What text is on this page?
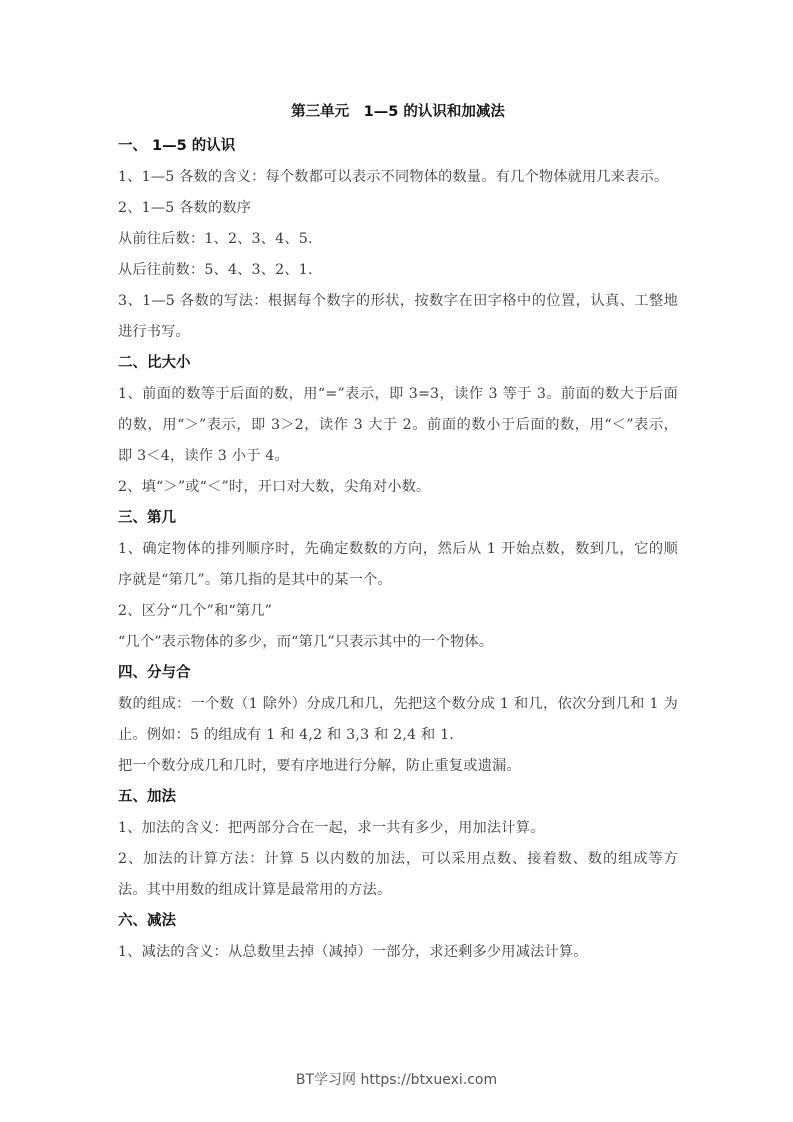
第三单元　1—5 的认识和加减法
一、 1—5 的认识
1、1—5 各数的含义：每个数都可以表示不同物体的数量。有几个物体就用几来表示。
2、1—5 各数的数序
从前往后数：1、2、3、4、5.
从后往前数：5、4、3、2、1.
3、1—5 各数的写法：根据每个数字的形状，按数字在田字格中的位置，认真、工整地进行书写。
二、比大小
1、前面的数等于后面的数，用“=”表示，即 3=3，读作 3 等于 3。前面的数大于后面的数，用“＞”表示，即 3＞2，读作 3 大于 2。前面的数小于后面的数，用“＜”表示，即 3＜4，读作 3 小于 4。
2、填“＞”或“＜”时，开口对大数，尖角对小数。
三、第几
1、确定物体的排列顺序时，先确定数数的方向，然后从 1 开始点数，数到几，它的顺序就是“第几”。第几指的是其中的某一个。
2、区分“几个”和“第几”
“几个”表示物体的多少，而“第几”只表示其中的一个物体。
四、分与合
数的组成：一个数（1 除外）分成几和几，先把这个数分成 1 和几，依次分到几和 1 为止。例如：5 的组成有 1 和 4,2 和 3,3 和 2,4 和 1.
把一个数分成几和几时，要有序地进行分解，防止重复或遗漏。
五、加法
1、加法的含义：把两部分合在一起，求一共有多少，用加法计算。
2、加法的计算方法：计算 5 以内数的加法，可以采用点数、接着数、数的组成等方法。其中用数的组成计算是最常用的方法。
六、减法
1、减法的含义：从总数里去掉（减掉）一部分，求还剩多少用减法计算。
BT学习网 https://btxuexi.com
